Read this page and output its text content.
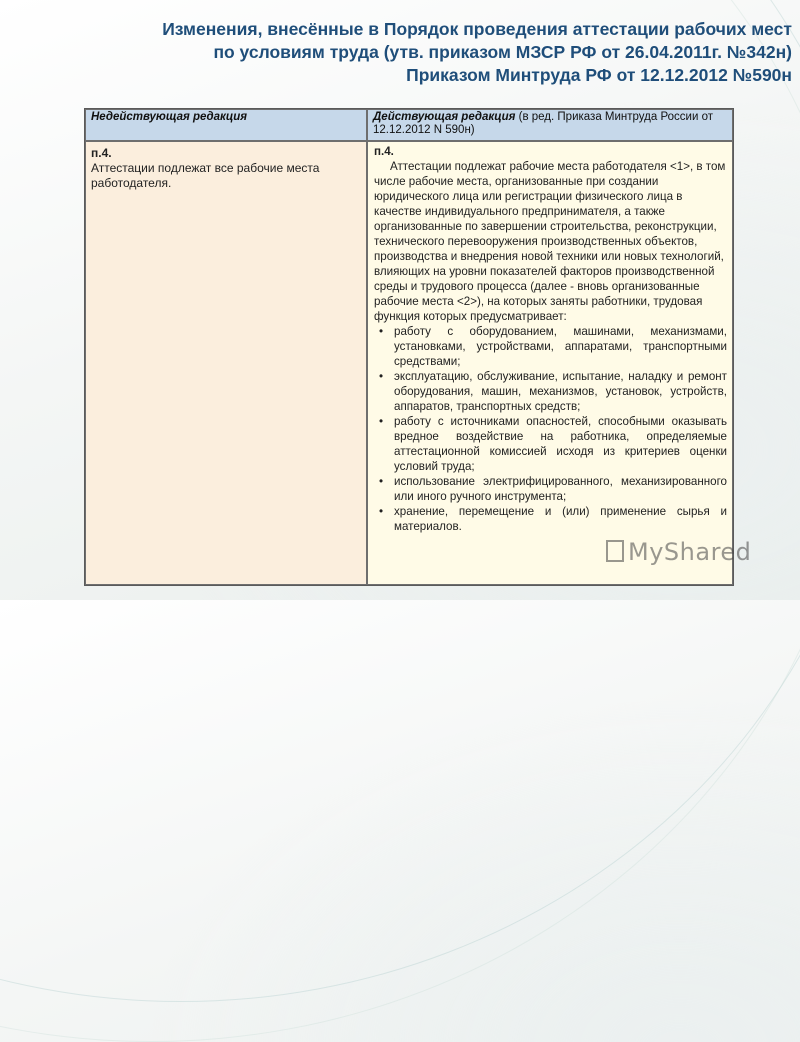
Изменения, внесённые в Порядок проведения аттестации рабочих мест
по условиям труда (утв. приказом МЗСР РФ от 26.04.2011г. №342н)
Приказом Минтруда РФ от 12.12.2012 №590н
Недействующая редакция	Действующая редакция (в ред. Приказа Минтруда России от 12.12.2012 N 590н)
п.4.
Аттестации подлежат все рабочие места работодателя.
п.4.
Аттестации подлежат рабочие места работодателя <1>, в том числе рабочие места, организованные при создании юридического лица или регистрации физического лица в качестве индивидуального предпринимателя, а также организованные по завершении строительства, реконструкции, технического перевооружения производственных объектов, производства и внедрения новой техники или новых технологий, влияющих на уровни показателей факторов производственной среды и трудового процесса (далее - вновь организованные рабочие места <2>), на которых заняты работники, трудовая функция которых предусматривает:
• работу с оборудованием, машинами, механизмами, установками, устройствами, аппаратами, транспортными средствами;
• эксплуатацию, обслуживание, испытание, наладку и ремонт оборудования, машин, механизмов, установок, устройств, аппаратов, транспортных средств;
• работу с источниками опасностей, способными оказывать вредное воздействие на работника, определяемые аттестационной комиссией исходя из критериев оценки условий труда;
• использование электрифицированного, механизированного или иного ручного инструмента;
• хранение, перемещение и (или) применение сырья и материалов.
MyShared
